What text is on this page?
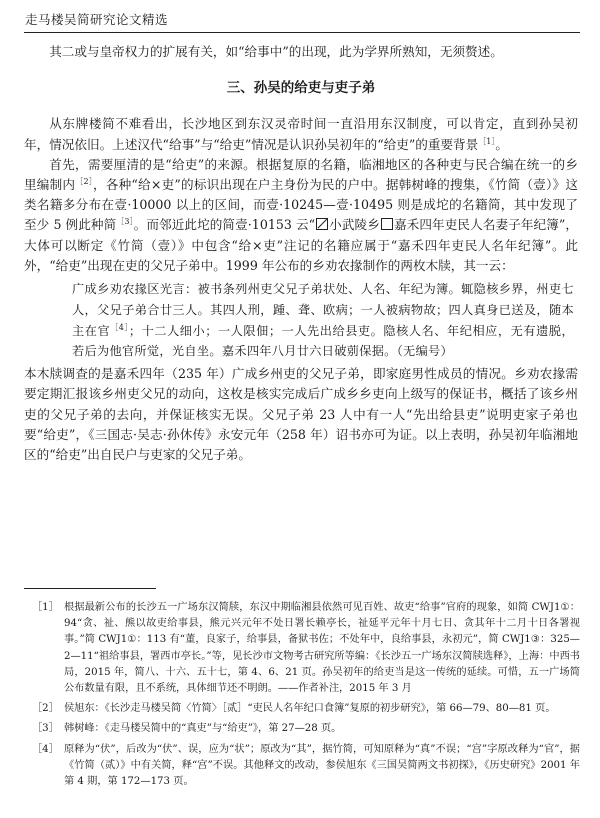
走马楼吴简研究论文精选

其二或与皇帝权力的扩展有关，如“给事中”的出现，此为学界所熟知，无须赘述。

三、孙吴的给吏与吏子弟

从东牌楼简不难看出，长沙地区到东汉灵帝时间一直沿用东汉制度，可以肯定，直到孙吴初年，情况依旧。上述汉代“给事”与“给吏”情况是认识孙吴初年的“给吏”的重要背景$^{[1]}$。

首先，需要厘清的是“给吏”的来源。根据复原的名籍，临湘地区的各种吏与民合编在统一的乡里编制内$^{[2]}$，各种“给×吏”的标识出现在户主身份为民的户中。据韩树峰的搜集，《竹简（壹）》这类名籍多分布在壹·10000 以上的区间，而壹·10245—壹·10495 则是成坨的名籍简，其中发现了至少 5 例此种简$^{[3]}$。而邻近此坨的简壹·10153 云“ 小武陵乡 嘉禾四年吏民人名妻子年纪簿”，大体可以断定《竹简（壹）》中包含“给×吏”注记的名籍应属于“嘉禾四年吏民人名年纪簿”。此外，“给吏”出现在吏的父兄子弟中。1999 年公布的乡劝农掾制作的两枚木牍，其一云：

广成乡劝农掾区光言：被书条列州吏父兄子弟状处、人名、年纪为簿。辄隐核乡界，州吏七人，父兄子弟合廿三人。其四人刑，踵、聋、欧病；一人被病物故；四人真身已送及，随本主在官$^{[4]}$；十二人细小；一人限佃；一人先出给县吏。隐核人名、年纪相应，无有遗脱，若后为他官所觉，光自坐。嘉禾四年八月廿六日破莂保据。（无编号）

本木牍调查的是嘉禾四年（235 年）广成乡州吏的父兄子弟，即家庭男性成员的情况。乡劝农掾需要定期汇报该乡州吏父兄的动向，这枚是核实完成后广成乡乡吏向上级写的保证书，概括了该乡州吏的父兄子弟的去向，并保证核实无误。父兄子弟 23 人中有一人“先出给县吏”说明吏家子弟也要“给吏”，《三国志·吴志·孙休传》永安元年（258 年）诏书亦可为证。以上表明，孙吴初年临湘地区的“给吏”出自民户与吏家的父兄子弟。

［1］ 根据最新公布的长沙五一广场东汉简牍，东汉中期临湘县依然可见百姓、故吏“给事”官府的现象，如简 CWJ1①：94“贪、祉、熊以故吏给事县，熊元兴元年不处日署长赖亭长，祉延平元年十月七日、贪其年十二月十日各署视事。”简 CWJ1①：113 有“董，良家子，给事县，备狱书佐；不处年中，良给事县，永初元”，简 CWJ1③：325—2—11“祖给事县，署西市亭长。”等，见长沙市文物考古研究所等编：《长沙五一广场东汉简牍选释》，上海：中西书局，2015 年，简八、十六、五十七，第 4、6、21 页。孙吴初年的给吏当是这一传统的延续。可惜，五一广场简公布数量有限，且不系统，具体细节还不明朗。——作者补注，2015 年 3 月
［2］ 侯旭东：《长沙走马楼吴简〈竹简〉［贰］“吏民人名年纪口食簿”复原的初步研究》，第 66—79、80—81 页。
［3］ 韩树峰：《走马楼吴简中的“真吏”与“给吏”》，第 27—28 页。
［4］ 原释为“伏”，后改为“伏”、误，应为“状”；原改为“其”，据竹简，可知原释为“真”不误；“宫”字原改释为“官”，据《竹简（贰）》中有关简，释“宫”不误。其他释文的改动，参侯旭东《三国吴简两文书初探》，《历史研究》2001 年第 4 期，第 172—173 页。
